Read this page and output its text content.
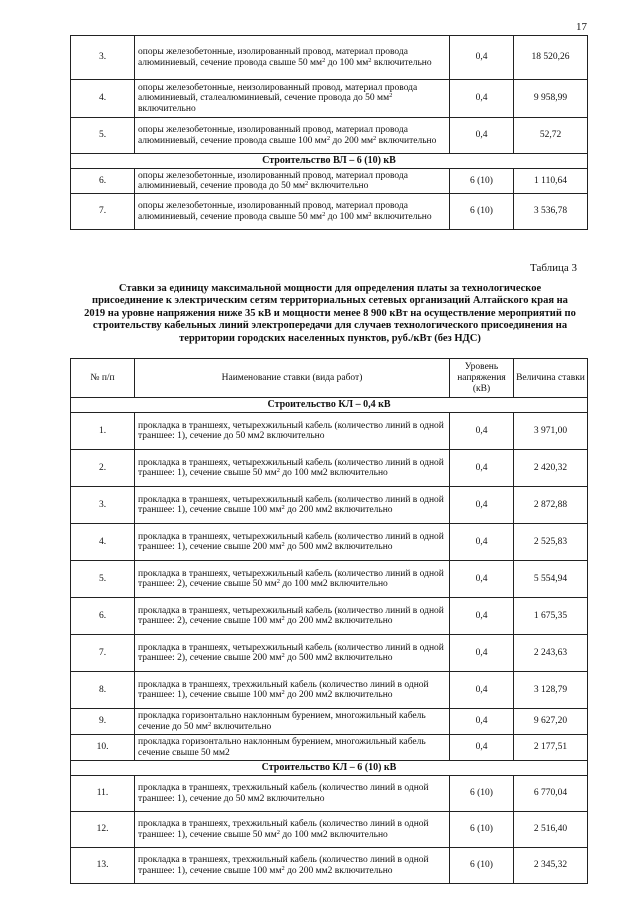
17
3.	опоры железобетонные, изолированный провод, материал провода алюминиевый, сечение провода свыше 50 $мм^2$ до 100 $мм^2$ включительно	0,4	18 520,26
4.	опоры железобетонные, неизолированный провод, материал провода алюминиевый, сталеалюминиевый, сечение провода до 50 $мм^2$ включительно	0,4	9 958,99
5.	опоры железобетонные, изолированный провод, материал провода алюминиевый, сечение провода свыше 100 $мм^2$ до 200 $мм^2$ включительно	0,4	52,72
Строительство ВЛ – 6 (10) кВ			
6.	опоры железобетонные, изолированный провод, материал провода алюминиевый, сечение провода до 50 $мм^2$ включительно	6 (10)	1 110,64
7.	опоры железобетонные, изолированный провод, материал провода алюминиевый, сечение провода свыше 50 $мм^2$ до 100 $мм^2$ включительно	6 (10)	3 536,78
Таблица 3
Ставки за единицу максимальной мощности для определения платы за технологическое присоединение к электрическим сетям территориальных сетевых организаций Алтайского края на 2019 на уровне напряжения ниже 35 кВ и мощности менее 8 900 кВт на осуществление мероприятий по строительству кабельных линий электропередачи для случаев технологического присоединения на территории городских населенных пунктов, руб./кВт (без НДС)
№ п/п	Наименование ставки (вида работ)	Уровень напряжения (кВ)	Величина ставки
Строительство КЛ – 0,4 кВ			
1.	прокладка в траншеях, четырехжильный кабель (количество линий в одной траншее: 1), сечение до 50 мм2 включительно	0,4	3 971,00
2.	прокладка в траншеях, четырехжильный кабель (количество линий в одной траншее: 1), сечение свыше 50 $мм^2$ до 100 мм2 включительно	0,4	2 420,32
3.	прокладка в траншеях, четырехжильный кабель (количество линий в одной траншее: 1), сечение свыше 100 $мм^2$ до 200 мм2 включительно	0,4	2 872,88
4.	прокладка в траншеях, четырехжильный кабель (количество линий в одной траншее: 1), сечение свыше 200 $мм^2$ до 500 мм2 включительно	0,4	2 525,83
5.	прокладка в траншеях, четырехжильный кабель (количество линий в одной траншее: 2), сечение свыше 50 $мм^2$ до 100 мм2 включительно	0,4	5 554,94
6.	прокладка в траншеях, четырехжильный кабель (количество линий в одной траншее: 2), сечение свыше 100 $мм^2$ до 200 мм2 включительно	0,4	1 675,35
7.	прокладка в траншеях, четырехжильный кабель (количество линий в одной траншее: 2), сечение свыше 200 $мм^2$ до 500 мм2 включительно	0,4	2 243,63
8.	прокладка в траншеях, трехжильный кабель (количество линий в одной траншее: 1), сечение свыше 100 $мм^2$ до 200 мм2 включительно	0,4	3 128,79
9.	прокладка горизонтально наклонным бурением, многожильный кабель сечение до 50 $мм^2$ включительно	0,4	9 627,20
10.	прокладка горизонтально наклонным бурением, многожильный кабель сечение свыше 50 мм2	0,4	2 177,51
Строительство КЛ – 6 (10) кВ			
11.	прокладка в траншеях, трехжильный кабель (количество линий в одной траншее: 1), сечение до 50 мм2 включительно	6 (10)	6 770,04
12.	прокладка в траншеях, трехжильный кабель (количество линий в одной траншее: 1), сечение свыше 50 $мм^2$ до 100 мм2 включительно	6 (10)	2 516,40
13.	прокладка в траншеях, трехжильный кабель (количество линий в одной траншее: 1), сечение свыше 100 $мм^2$ до 200 мм2 включительно	6 (10)	2 345,32
